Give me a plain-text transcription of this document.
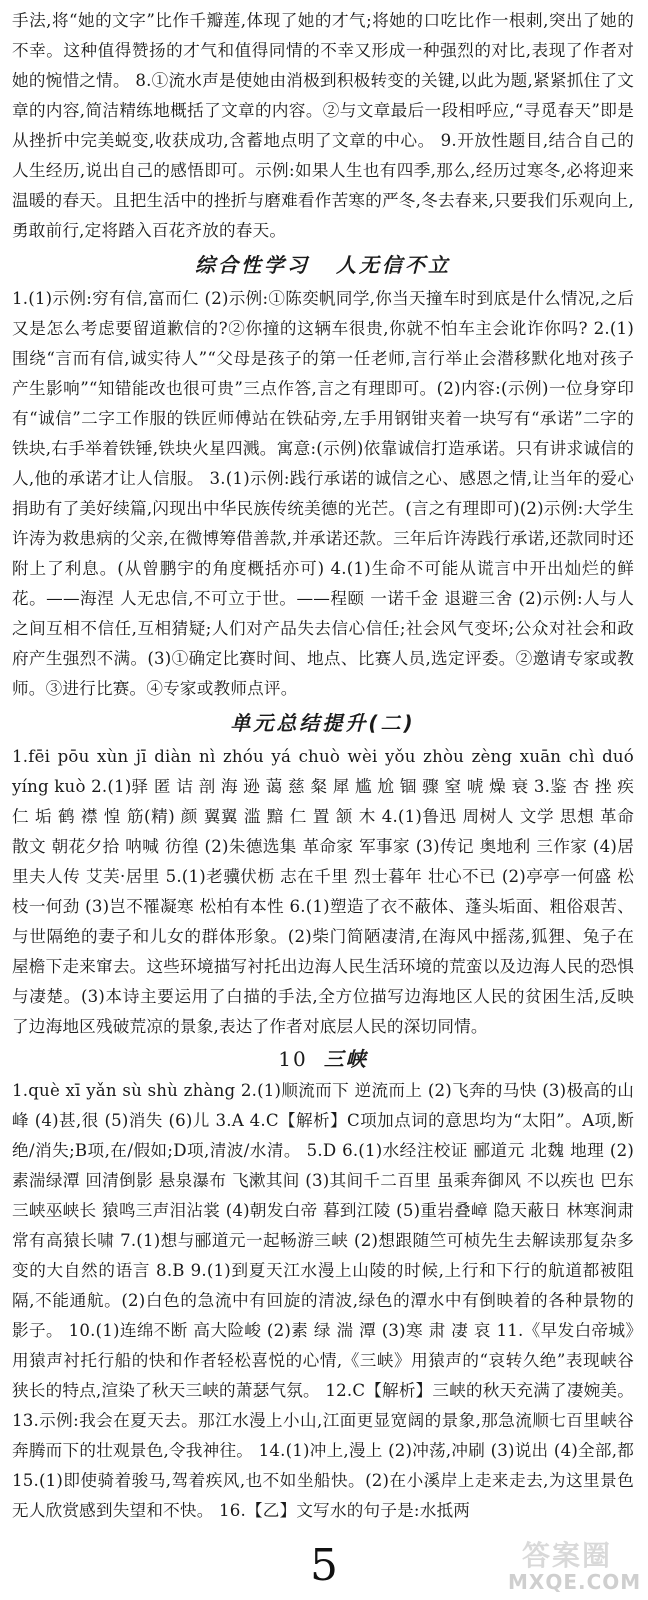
手法,将“她的文字”比作千瓣莲,体现了她的才气;将她的口吃比作一根刺,突出了她的不幸。这种值得赞扬的才气和值得同情的不幸又形成一种强烈的对比,表现了作者对她的惋惜之情。 8.①流水声是使她由消极到积极转变的关键,以此为题,紧紧抓住了文章的内容,简洁精练地概括了文章的内容。②与文章最后一段相呼应,“寻觅春天”即是从挫折中完美蜕变,收获成功,含蓄地点明了文章的中心。 9.开放性题目,结合自己的人生经历,说出自己的感悟即可。示例:如果人生也有四季,那么,经历过寒冬,必将迎来温暖的春天。且把生活中的挫折与磨难看作苦寒的严冬,冬去春来,只要我们乐观向上,勇敢前行,定将踏入百花齐放的春天。

综合性学习 人无信不立

1.(1)示例:穷有信,富而仁 (2)示例:①陈奕帆同学,你当天撞车时到底是什么情况,之后又是怎么考虑要留道歉信的?②你撞的这辆车很贵,你就不怕车主会讹诈你吗? 2.(1)围绕“言而有信,诚实待人”“父母是孩子的第一任老师,言行举止会潜移默化地对孩子产生影响”“知错能改也很可贵”三点作答,言之有理即可。(2)内容:(示例)一位身穿印有“诚信”二字工作服的铁匠师傅站在铁砧旁,左手用钢钳夹着一块写有“承诺”二字的铁块,右手举着铁锤,铁块火星四溅。寓意:(示例)依靠诚信打造承诺。只有讲求诚信的人,他的承诺才让人信服。 3.(1)示例:践行承诺的诚信之心、感恩之情,让当年的爱心捐助有了美好续篇,闪现出中华民族传统美德的光芒。(言之有理即可)(2)示例:大学生许涛为救患病的父亲,在微博筹借善款,并承诺还款。三年后许涛践行承诺,还款同时还附上了利息。(从曾鹏宇的角度概括亦可) 4.(1)生命不可能从谎言中开出灿烂的鲜花。——海涅 人无忠信,不可立于世。——程颐 一诺千金 退避三舍 (2)示例:人与人之间互相不信任,互相猜疑;人们对产品失去信心信任;社会风气变坏;公众对社会和政府产生强烈不满。(3)①确定比赛时间、地点、比赛人员,选定评委。②邀请专家或教师。③进行比赛。④专家或教师点评。

单元总结提升(二)

1.fēi pōu xùn jī diàn nì zhóu yá chuò wèi yǒu zhòu zèng xuān chì duó yíng kuò 2.(1)驿 匿 诘 剖 海 逊 蔼 慈 粲 犀 尴 尬 锢 骤 窒 唬 燥 衰 3.鉴 杏 挫 疾 仁 垢 鹤 襟 惶 筋(精) 颜 翼翼 滥 黯 仁 置 颔 木 4.(1)鲁迅 周树人 文学 思想 革命 散文 朝花夕拾 呐喊 彷徨 (2)朱德选集 革命家 军事家 (3)传记 奥地利 三作家 (4)居里夫人传 艾芙·居里 5.(1)老骥伏枥 志在千里 烈士暮年 壮心不已 (2)亭亭一何盛 松枝一何劲 (3)岂不罹凝寒 松柏有本性 6.(1)塑造了衣不蔽体、蓬头垢面、粗俗艰苦、与世隔绝的妻子和儿女的群体形象。(2)柴门简陋凄清,在海风中摇荡,狐狸、兔子在屋檐下走来窜去。这些环境描写衬托出边海人民生活环境的荒蛮以及边海人民的恐惧与凄楚。(3)本诗主要运用了白描的手法,全方位描写边海地区人民的贫困生活,反映了边海地区残破荒凉的景象,表达了作者对底层人民的深切同情。

10 三峡

1.què xī yǎn sù shù zhàng 2.(1)顺流而下 逆流而上 (2)飞奔的马快 (3)极高的山峰 (4)甚,很 (5)消失 (6)儿 3.A 4.C【解析】C项加点词的意思均为“太阳”。A项,断绝/消失;B项,在/假如;D项,清波/水清。 5.D 6.(1)水经注校证 郦道元 北魏 地理 (2)素湍绿潭 回清倒影 悬泉瀑布 飞漱其间 (3)其间千二百里 虽乘奔御风 不以疾也 巴东三峡巫峡长 猿鸣三声泪沾裳 (4)朝发白帝 暮到江陵 (5)重岩叠嶂 隐天蔽日 林寒涧肃 常有高猿长啸 7.(1)想与郦道元一起畅游三峡 (2)想跟随竺可桢先生去解读那复杂多变的大自然的语言 8.B 9.(1)到夏天江水漫上山陵的时候,上行和下行的航道都被阻隔,不能通航。(2)白色的急流中有回旋的清波,绿色的潭水中有倒映着的各种景物的影子。 10.(1)连绵不断 高大险峻 (2)素 绿 湍 潭 (3)寒 肃 凄 哀 11.《早发白帝城》用猿声衬托行船的快和作者轻松喜悦的心情,《三峡》用猿声的“哀转久绝”表现峡谷狭长的特点,渲染了秋天三峡的萧瑟气氛。 12.C【解析】三峡的秋天充满了凄婉美。 13.示例:我会在夏天去。那江水漫上小山,江面更显宽阔的景象,那急流顺七百里峡谷奔腾而下的壮观景色,令我神往。 14.(1)冲上,漫上 (2)冲荡,冲刷 (3)说出 (4)全部,都 15.(1)即使骑着骏马,驾着疾风,也不如坐船快。(2)在小溪岸上走来走去,为这里景色无人欣赏感到失望和不快。 16.【乙】文写水的句子是:水抵两

5	答案圈
MXQE.COM
